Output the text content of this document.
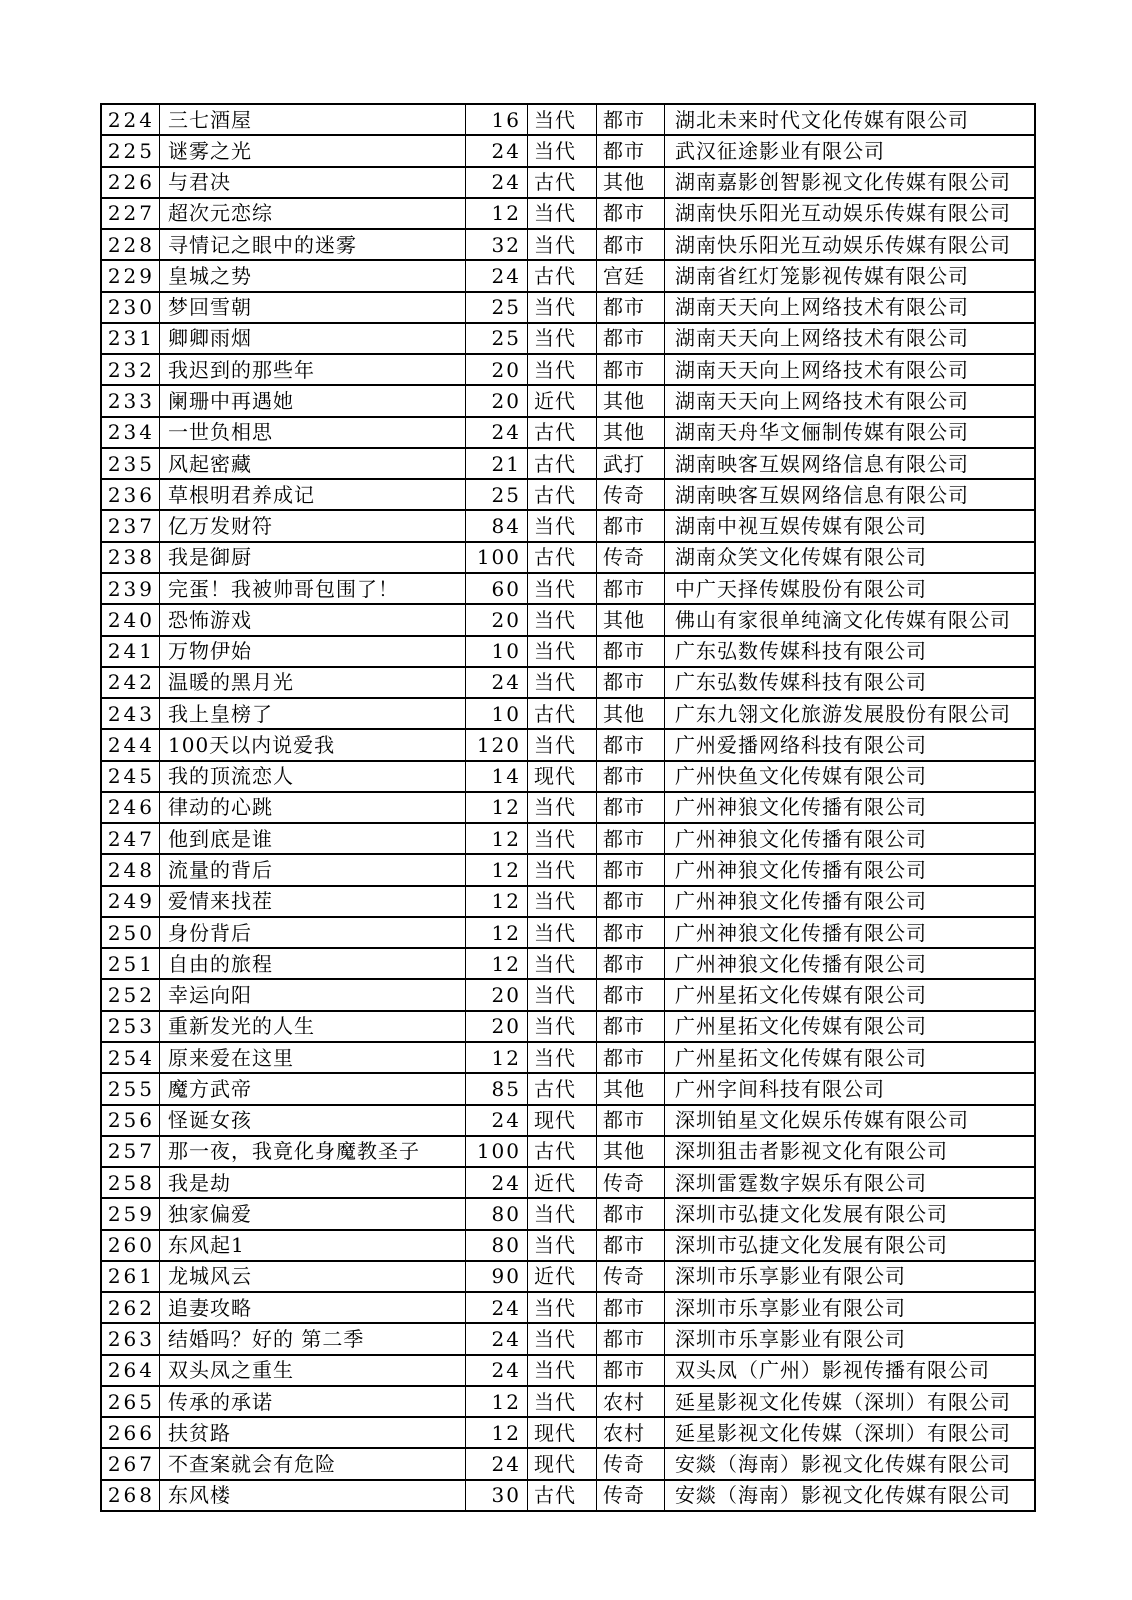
224 三七酒屋	16 当代	都市	湖北未来时代文化传媒有限公司
225 谜雾之光	24 当代	都市	武汉征途影业有限公司
226 与君决	24 古代	其他	湖南嘉影创智影视文化传媒有限公司
227 超次元恋综	12 当代	都市	湖南快乐阳光互动娱乐传媒有限公司
228 寻情记之眼中的迷雾	32 当代	都市	湖南快乐阳光互动娱乐传媒有限公司
229 皇城之势	24 古代	宫廷	湖南省红灯笼影视传媒有限公司
230 梦回雪朝	25 当代	都市	湖南天天向上网络技术有限公司
231 卿卿雨烟	25 当代	都市	湖南天天向上网络技术有限公司
232 我迟到的那些年	20 当代	都市	湖南天天向上网络技术有限公司
233 阑珊中再遇她	20 近代	其他	湖南天天向上网络技术有限公司
234 一世负相思	24 古代	其他	湖南天舟华文俪制传媒有限公司
235 风起密藏	21 古代	武打	湖南映客互娱网络信息有限公司
236 草根明君养成记	25 古代	传奇	湖南映客互娱网络信息有限公司
237 亿万发财符	84 当代	都市	湖南中视互娱传媒有限公司
238 我是御厨	100 古代	传奇	湖南众笑文化传媒有限公司
239 完蛋！我被帅哥包围了！	60 当代	都市	中广天择传媒股份有限公司
240 恐怖游戏	20 当代	其他	佛山有家很单纯滴文化传媒有限公司
241 万物伊始	10 当代	都市	广东弘数传媒科技有限公司
242 温暖的黑月光	24 当代	都市	广东弘数传媒科技有限公司
243 我上皇榜了	10 古代	其他	广东九翎文化旅游发展股份有限公司
244 100天以内说爱我	120 当代	都市	广州爱播网络科技有限公司
245 我的顶流恋人	14 现代	都市	广州快鱼文化传媒有限公司
246 律动的心跳	12 当代	都市	广州神狼文化传播有限公司
247 他到底是谁	12 当代	都市	广州神狼文化传播有限公司
248 流量的背后	12 当代	都市	广州神狼文化传播有限公司
249 爱情来找茬	12 当代	都市	广州神狼文化传播有限公司
250 身份背后	12 当代	都市	广州神狼文化传播有限公司
251 自由的旅程	12 当代	都市	广州神狼文化传播有限公司
252 幸运向阳	20 当代	都市	广州星拓文化传媒有限公司
253 重新发光的人生	20 当代	都市	广州星拓文化传媒有限公司
254 原来爱在这里	12 当代	都市	广州星拓文化传媒有限公司
255 魔方武帝	85 古代	其他	广州字间科技有限公司
256 怪诞女孩	24 现代	都市	深圳铂星文化娱乐传媒有限公司
257 那一夜，我竟化身魔教圣子	100 古代	其他	深圳狙击者影视文化有限公司
258 我是劫	24 近代	传奇	深圳雷霆数字娱乐有限公司
259 独家偏爱	80 当代	都市	深圳市弘捷文化发展有限公司
260 东风起1	80 当代	都市	深圳市弘捷文化发展有限公司
261 龙城风云	90 近代	传奇	深圳市乐享影业有限公司
262 追妻攻略	24 当代	都市	深圳市乐享影业有限公司
263 结婚吗？好的 第二季	24 当代	都市	深圳市乐享影业有限公司
264 双头凤之重生	24 当代	都市	双头凤（广州）影视传播有限公司
265 传承的承诺	12 当代	农村	延星影视文化传媒（深圳）有限公司
266 扶贫路	12 现代	农村	延星影视文化传媒（深圳）有限公司
267 不查案就会有危险	24 现代	传奇	安燚（海南）影视文化传媒有限公司
268 东风楼	30 古代	传奇	安燚（海南）影视文化传媒有限公司
